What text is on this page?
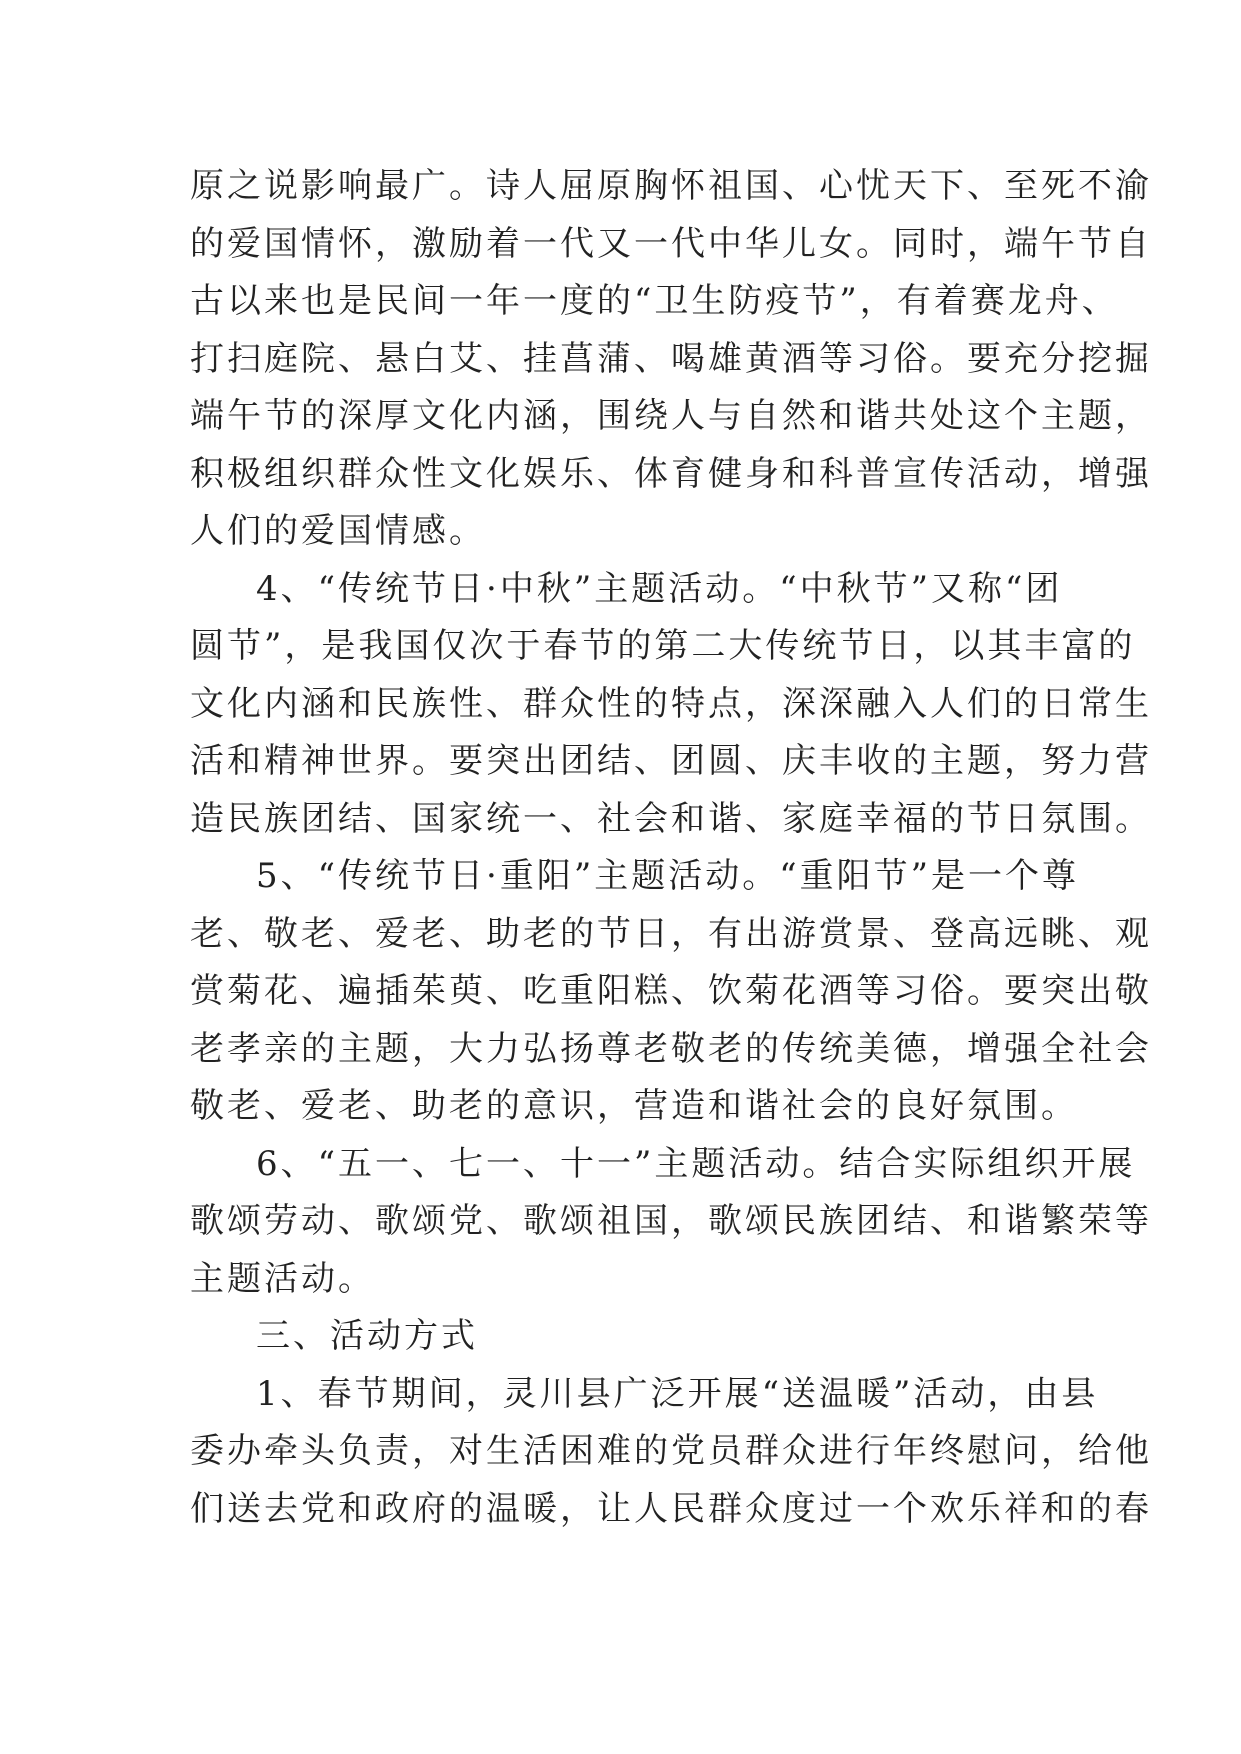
原之说影响最广。诗人屈原胸怀祖国、心忧天下、至死不渝
的爱国情怀，激励着一代又一代中华儿女。同时，端午节自
古以来也是民间一年一度的“卫生防疫节”，有着赛龙舟、
打扫庭院、悬白艾、挂菖蒲、喝雄黄酒等习俗。要充分挖掘
端午节的深厚文化内涵，围绕人与自然和谐共处这个主题，
积极组织群众性文化娱乐、体育健身和科普宣传活动，增强
人们的爱国情感。
4、“传统节日·中秋”主题活动。“中秋节”又称“团
圆节”，是我国仅次于春节的第二大传统节日，以其丰富的
文化内涵和民族性、群众性的特点，深深融入人们的日常生
活和精神世界。要突出团结、团圆、庆丰收的主题，努力营
造民族团结、国家统一、社会和谐、家庭幸福的节日氛围。
5、“传统节日·重阳”主题活动。“重阳节”是一个尊
老、敬老、爱老、助老的节日，有出游赏景、登高远眺、观
赏菊花、遍插茱萸、吃重阳糕、饮菊花酒等习俗。要突出敬
老孝亲的主题，大力弘扬尊老敬老的传统美德，增强全社会
敬老、爱老、助老的意识，营造和谐社会的良好氛围。
6、“五一、七一、十一”主题活动。结合实际组织开展
歌颂劳动、歌颂党、歌颂祖国，歌颂民族团结、和谐繁荣等
主题活动。
三、活动方式
1、春节期间，灵川县广泛开展“送温暖”活动，由县
委办牵头负责，对生活困难的党员群众进行年终慰问，给他
们送去党和政府的温暖，让人民群众度过一个欢乐祥和的春
